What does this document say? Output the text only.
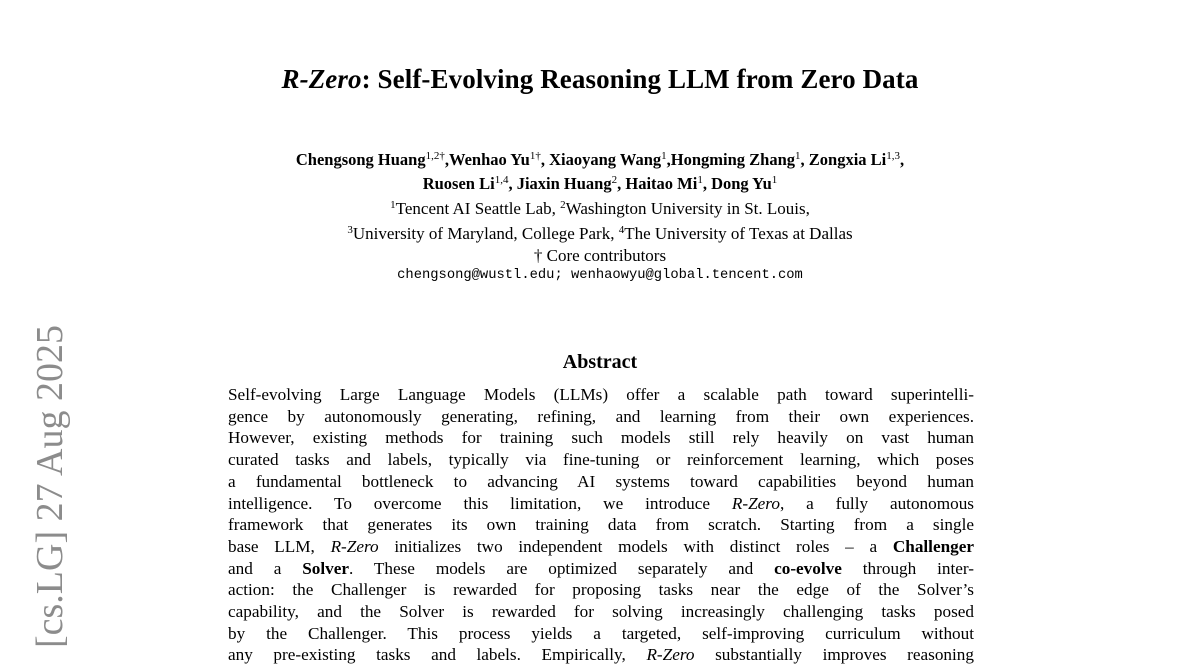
[cs.LG] 27 Aug 2025
R-Zero: Self-Evolving Reasoning LLM from Zero Data
Chengsong Huang$^{1,2\dagger}$,Wenhao $Yu^{1\dagger}$, Xiaoyang Wang$^1$,Hongming Zhang$^1$, Zongxia Li$^{1,3}$,
Ruosen Li$^{1,4}$, Jiaxin Huang$^2$, Haitao Mi$^1$, Dong Yu$^1$
$^1$Tencent AI Seattle Lab, $^2$Washington University in St. Louis,
$^3$University of Maryland, College Park, $^4$The University of Texas at Dallas
† Core contributors
chengsong@wustl.edu; wenhaowyu@global.tencent.com
Abstract
Self-evolving Large Language Models (LLMs) offer a scalable path toward superintelli-
gence by autonomously generating, refining, and learning from their own experiences.
However, existing methods for training such models still rely heavily on vast human
curated tasks and labels, typically via fine-tuning or reinforcement learning, which poses
a fundamental bottleneck to advancing AI systems toward capabilities beyond human
intelligence. To overcome this limitation, we introduce R-Zero, a fully autonomous
framework that generates its own training data from scratch. Starting from a single
base LLM, R-Zero initializes two independent models with distinct roles – a Challenger
and a Solver. These models are optimized separately and co-evolve through inter-
action: the Challenger is rewarded for proposing tasks near the edge of the Solver’s
capability, and the Solver is rewarded for solving increasingly challenging tasks posed
by the Challenger. This process yields a targeted, self-improving curriculum without
any pre-existing tasks and labels. Empirically, R-Zero substantially improves reasoning
